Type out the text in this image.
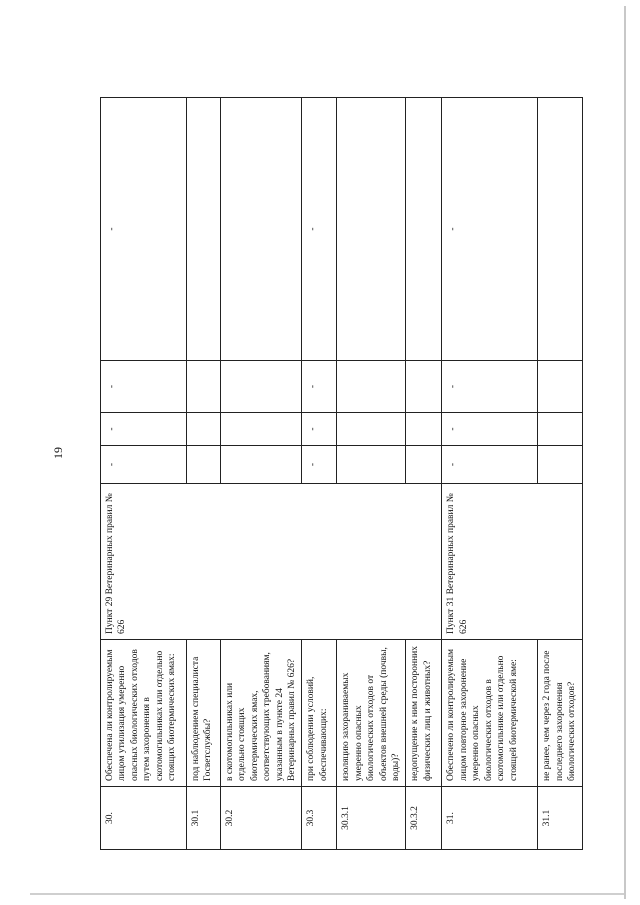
19
30.	Обеспечена ли контролируемым лицом утилизация умеренно опасных биологических отходов путем захоронения в скотомогильниках или отдельно стоящих биотермических ямах:	Пункт 29 Ветеринарных правил № 626	-	-	-	-
30.1	под наблюдением специалиста Госветслужбы?					
30.2	в скотомогильниках или отдельно стоящих биотермических ямах, соответствующих требованиям, указанным в пункте 24 Ветеринарных правил № 626?					
30.3	при соблюдении условий, обеспечивающих:		-	-	-	-
30.3.1	изоляцию захораниваемых умеренно опасных биологических отходов от объектов внешней среды (почвы, воды)?					
30.3.2	недопущение к ним посторонних физических лиц и животных?					
31.	Обеспечено ли контролируемым лицом повторное захоронение умеренно опасных биологических отходов в скотомогильнике или отдельно стоящей биотермической яме:	Пункт 31 Ветеринарных правил № 626	-	-	-	-
31.1	не ранее, чем через 2 года после последнего захоронения биологических отходов?					
